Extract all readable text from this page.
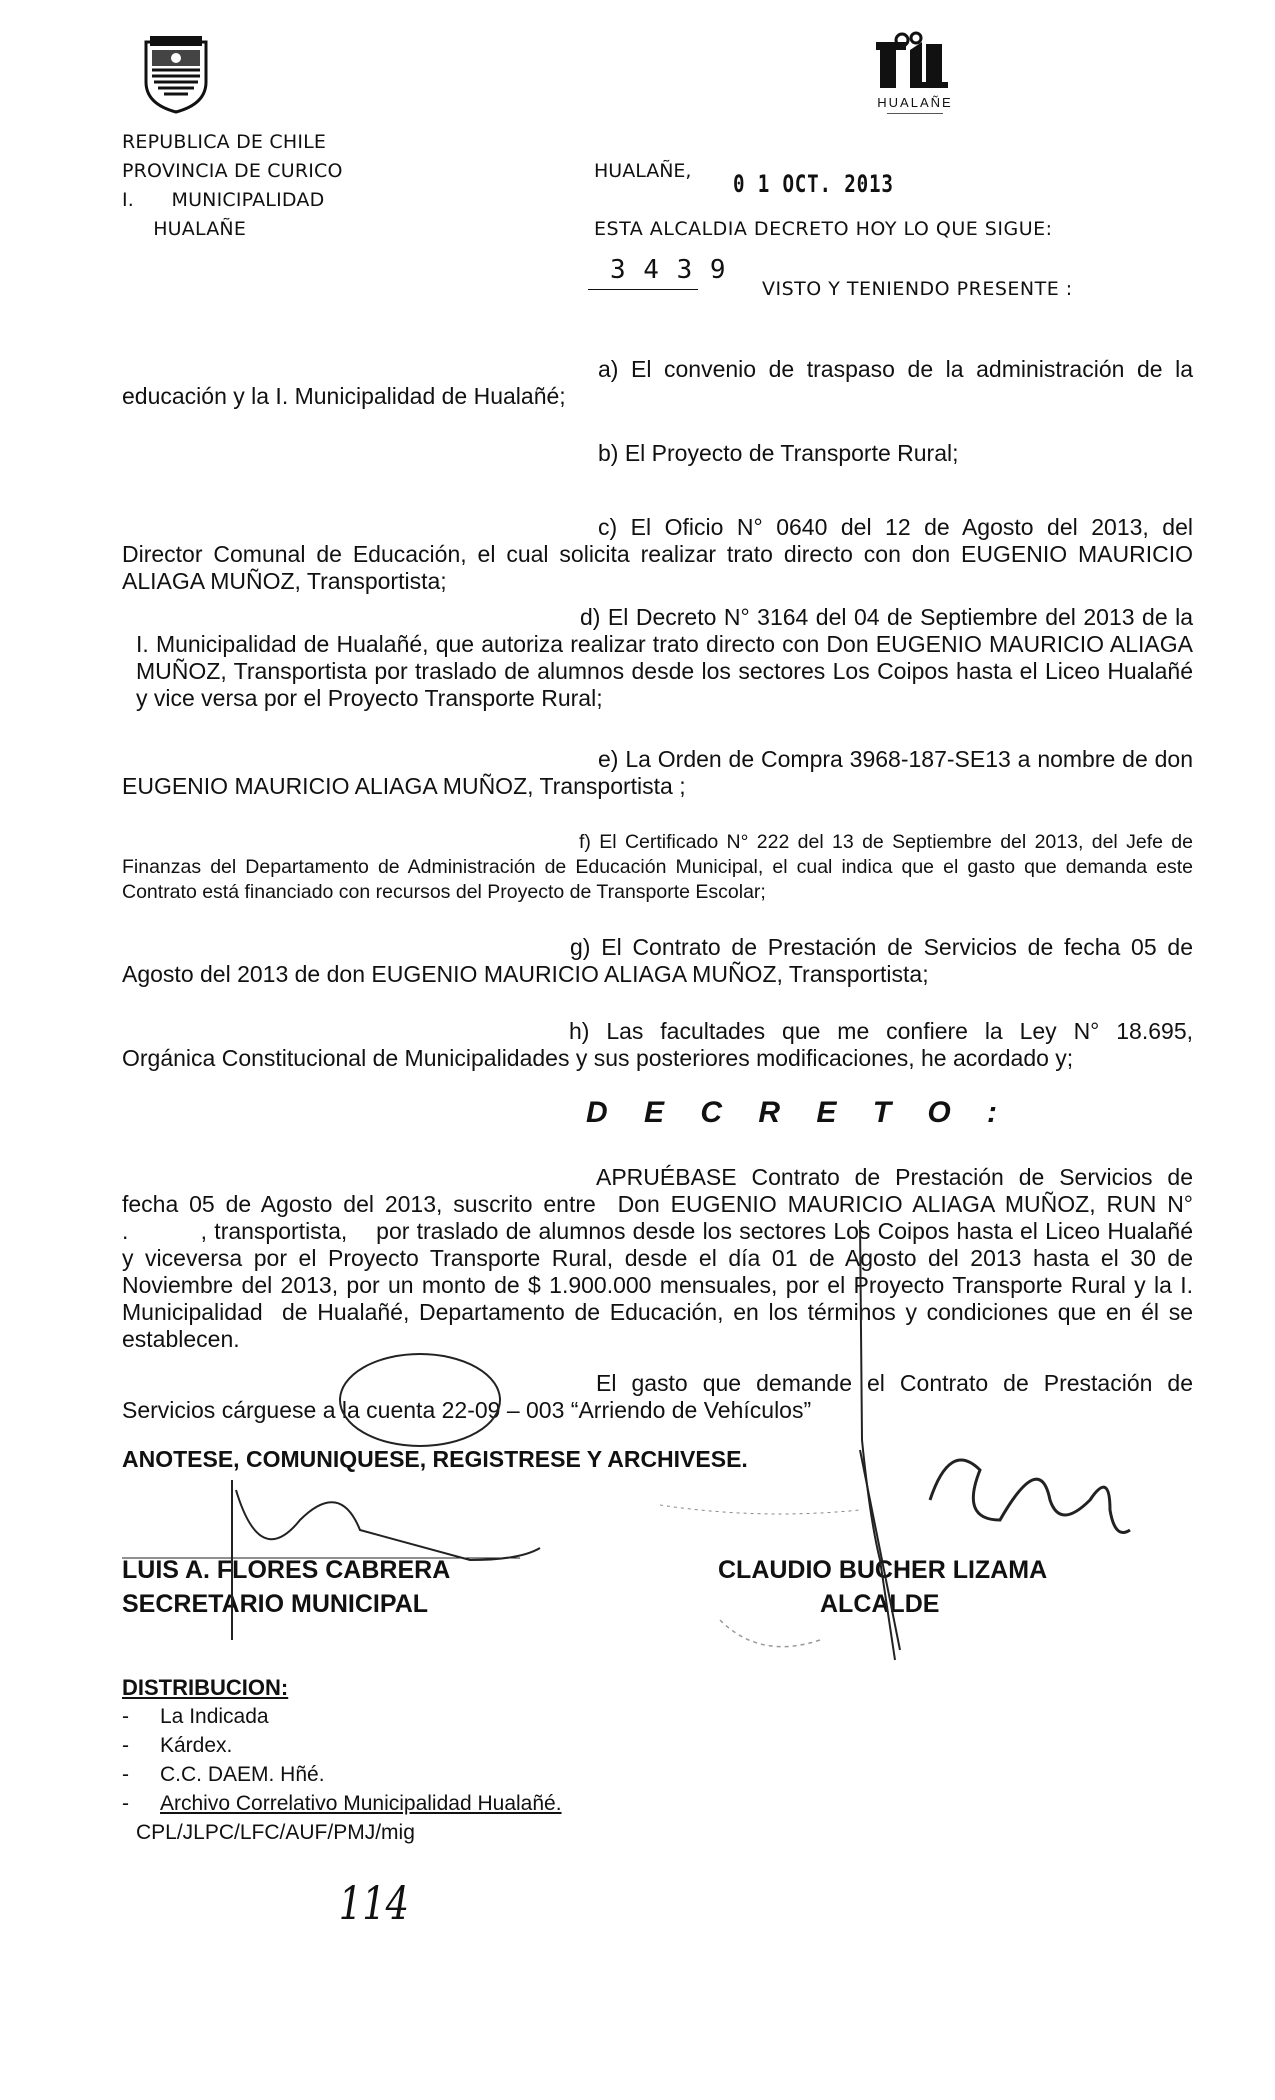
HUALAÑE
REPUBLICA DE CHILE
PROVINCIA DE CURICO
I.      MUNICIPALIDAD
HUALAÑE
HUALAÑE, 0 1 OCT. 2013
ESTA ALCALDIA DECRETO HOY LO QUE SIGUE:
3 4 3 9
VISTO Y TENIENDO PRESENTE :

a) El convenio de traspaso de la administración de la educación y la I. Municipalidad de Hualañé;

b) El Proyecto de Transporte Rural;

c) El Oficio N° 0640 del 12 de Agosto del 2013, del Director Comunal de Educación, el cual solicita realizar trato directo con don EUGENIO MAURICIO ALIAGA MUÑOZ, Transportista;

d) El Decreto N° 3164 del 04 de Septiembre del 2013 de la I. Municipalidad de Hualañé, que autoriza realizar trato directo con Don EUGENIO MAURICIO ALIAGA MUÑOZ, Transportista por traslado de alumnos desde los sectores Los Coipos hasta el Liceo Hualañé y vice versa por el Proyecto Transporte Rural;

e) La Orden de Compra 3968-187-SE13 a nombre de don EUGENIO MAURICIO ALIAGA MUÑOZ, Transportista ;

f) El Certificado N° 222 del 13 de Septiembre del 2013, del Jefe de Finanzas del Departamento de Administración de Educación Municipal, el cual indica que el gasto que demanda este Contrato está financiado con recursos del Proyecto de Transporte Escolar;

g) El Contrato de Prestación de Servicios de fecha 05 de Agosto del 2013 de don EUGENIO MAURICIO ALIAGA MUÑOZ, Transportista;

h) Las facultades que me confiere la Ley N° 18.695, Orgánica Constitucional de Municipalidades y sus posteriores modificaciones, he acordado y;

D E C R E T O :

APRUÉBASE Contrato de Prestación de Servicios de fecha 05 de Agosto del 2013, suscrito entre  Don EUGENIO MAURICIO ALIAGA MUÑOZ, RUN N°          .          , transportista,    por traslado de alumnos desde los sectores Los Coipos hasta el Liceo Hualañé  y viceversa por el Proyecto Transporte Rural, desde el día 01 de Agosto del 2013 hasta el 30 de Noviembre del 2013, por un monto de $ 1.900.000 mensuales, por el Proyecto Transporte Rural y la I. Municipalidad  de Hualañé, Departamento de Educación, en los términos y condiciones que en él se establecen.

El gasto que demande el Contrato de Prestación de Servicios cárguese a la cuenta 22-09 – 003 “Arriendo de Vehículos”

ANOTESE, COMUNIQUESE, REGISTRESE Y ARCHIVESE.
LUIS A. FLORES CABRERA
SECRETARIO MUNICIPAL
CLAUDIO BUCHER LIZAMA
ALCALDE
DISTRIBUCION:
- La Indicada
- Kárdex.
- C.C. DAEM. Hñé.
- Archivo Correlativo Municipalidad Hualañé.
CPL/JLPC/LFC/AUF/PMJ/mig
114
